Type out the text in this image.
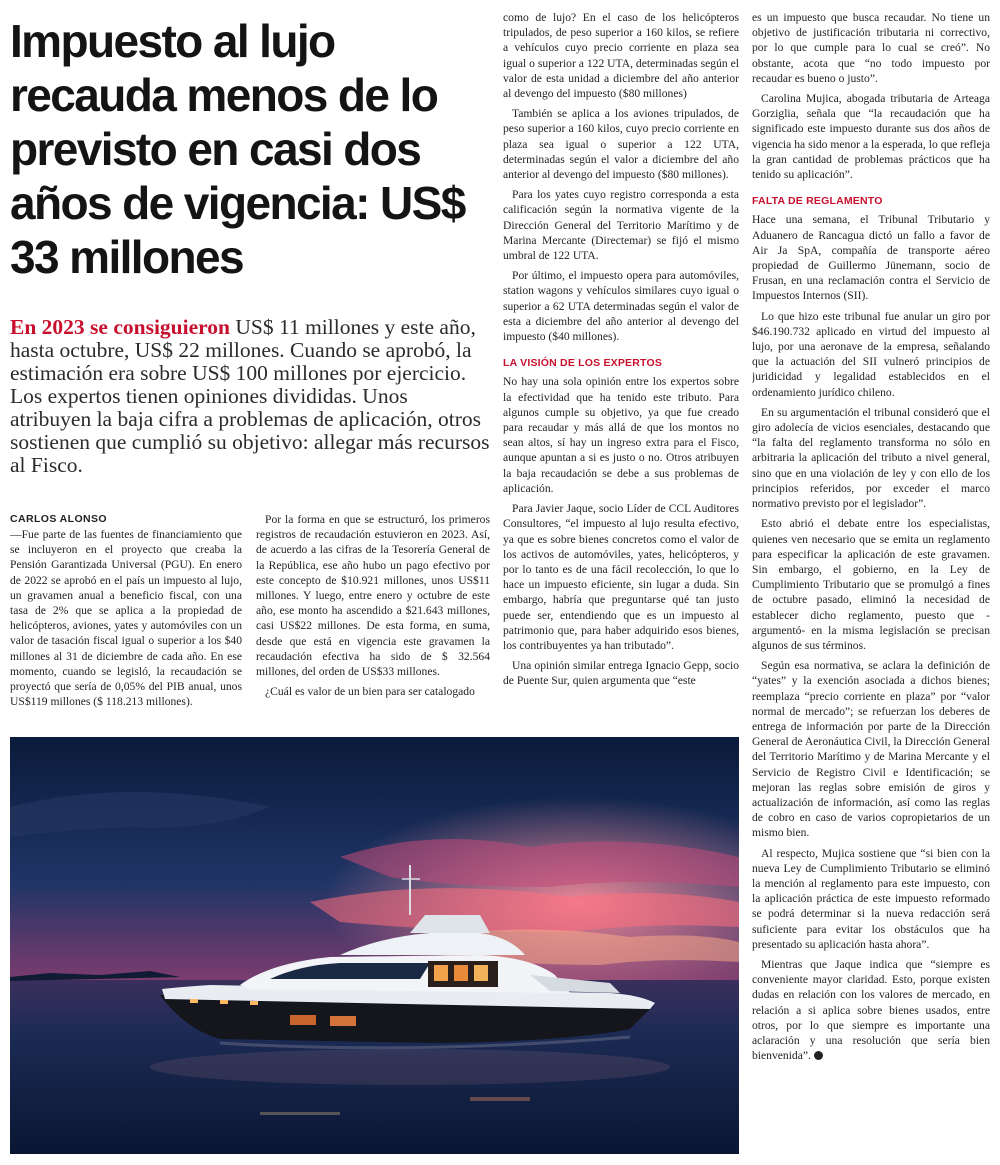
Impuesto al lujo recauda menos de lo previsto en casi dos años de vigencia: US$ 33 millones

En 2023 se consiguieron US$ 11 millones y este año, hasta octubre, US$ 22 millones. Cuando se aprobó, la estimación era sobre US$ 100 millones por ejercicio. Los expertos tienen opiniones divididas. Unos atribuyen la baja cifra a problemas de aplicación, otros sostienen que cumplió su objetivo: allegar más recursos al Fisco.

CARLOS ALONSO

—Fue parte de las fuentes de financiamiento que se incluyeron en el proyecto que creaba la Pensión Garantizada Universal (PGU). En enero de 2022 se aprobó en el país un impuesto al lujo, un gravamen anual a beneficio fiscal, con una tasa de 2% que se aplica a la propiedad de helicópteros, aviones, yates y automóviles con un valor de tasación fiscal igual o superior a los $40 millones al 31 de diciembre de cada año. En ese momento, cuando se legisló, la recaudación se proyectó que sería de 0,05% del PIB anual, unos US$119 millones ($ 118.213 millones).

Por la forma en que se estructuró, los primeros registros de recaudación estuvieron en 2023. Así, de acuerdo a las cifras de la Tesorería General de la República, ese año hubo un pago efectivo por este concepto de $10.921 millones, unos US$11 millones. Y luego, entre enero y octubre de este año, ese monto ha ascendido a $21.643 millones, casi US$22 millones. De esta forma, en suma, desde que está en vigencia este gravamen la recaudación efectiva ha sido de $ 32.564 millones, del orden de US$33 millones.

¿Cuál es valor de un bien para ser catalogado

como de lujo? En el caso de los helicópteros tripulados, de peso superior a 160 kilos, se refiere a vehículos cuyo precio corriente en plaza sea igual o superior a 122 UTA, determinadas según el valor de esta unidad a diciembre del año anterior al devengo del impuesto ($80 millones)

También se aplica a los aviones tripulados, de peso superior a 160 kilos, cuyo precio corriente en plaza sea igual o superior a 122 UTA, determinadas según el valor a diciembre del año anterior al devengo del impuesto ($80 millones).

Para los yates cuyo registro corresponda a esta calificación según la normativa vigente de la Dirección General del Territorio Marítimo y de Marina Mercante (Directemar) se fijó el mismo umbral de 122 UTA.

Por último, el impuesto opera para automóviles, station wagons y vehículos similares cuyo igual o superior a 62 UTA determinadas según el valor de esta a diciembre del año anterior al devengo del impuesto ($40 millones).

LA VISIÓN DE LOS EXPERTOS

No hay una sola opinión entre los expertos sobre la efectividad que ha tenido este tributo. Para algunos cumple su objetivo, ya que fue creado para recaudar y más allá de que los montos no sean altos, sí hay un ingreso extra para el Fisco, aunque apuntan a si es justo o no. Otros atribuyen la baja recaudación se debe a sus problemas de aplicación.

Para Javier Jaque, socio Líder de CCL Auditores Consultores, “el impuesto al lujo resulta efectivo, ya que es sobre bienes concretos como el valor de los activos de automóviles, yates, helicópteros, y por lo tanto es de una fácil recolección, lo que lo hace un impuesto eficiente, sin lugar a duda. Sin embargo, habría que preguntarse qué tan justo puede ser, entendiendo que es un impuesto al patrimonio que, para haber adquirido esos bienes, los contribuyentes ya han tributado”.

Una opinión similar entrega Ignacio Gepp, socio de Puente Sur, quien argumenta que “este

es un impuesto que busca recaudar. No tiene un objetivo de justificación tributaria ni correctivo, por lo que cumple para lo cual se creó”. No obstante, acota que “no todo impuesto por recaudar es bueno o justo”.

Carolina Mujica, abogada tributaria de Arteaga Gorziglia, señala que “la recaudación que ha significado este impuesto durante sus dos años de vigencia ha sido menor a la esperada, lo que refleja la gran cantidad de problemas prácticos que ha tenido su aplicación”.

FALTA DE REGLAMENTO

Hace una semana, el Tribunal Tributario y Aduanero de Rancagua dictó un fallo a favor de Air Ja SpA, compañía de transporte aéreo propiedad de Guillermo Jünemann, socio de Frusan, en una reclamación contra el Servicio de Impuestos Internos (SII).

Lo que hizo este tribunal fue anular un giro por $46.190.732 aplicado en virtud del impuesto al lujo, por una aeronave de la empresa, señalando que la actuación del SII vulneró principios de juridicidad y legalidad establecidos en el ordenamiento jurídico chileno.

En su argumentación el tribunal consideró que el giro adolecía de vicios esenciales, destacando que “la falta del reglamento transforma no sólo en arbitraria la aplicación del tributo a nivel general, sino que en una violación de ley y con ello de los principios referidos, por exceder el marco normativo previsto por el legislador”.

Esto abrió el debate entre los especialistas, quienes ven necesario que se emita un reglamento para especificar la aplicación de este gravamen. Sin embargo, el gobierno, en la Ley de Cumplimiento Tributario que se promulgó a fines de octubre pasado, eliminó la necesidad de establecer dicho reglamento, puesto que -argumentó- en la misma legislación se precisan algunos de sus términos.

Según esa normativa, se aclara la definición de “yates” y la exención asociada a dichos bienes; reemplaza “precio corriente en plaza” por “valor normal de mercado”; se refuerzan los deberes de entrega de información por parte de la Dirección General de Aeronáutica Civil, la Dirección General del Territorio Marítimo y de Marina Mercante y el Servicio de Registro Civil e Identificación; se mejoran las reglas sobre emisión de giros y actualización de información, así como las reglas de cobro en caso de varios copropietarios de un mismo bien.

Al respecto, Mujica sostiene que “si bien con la nueva Ley de Cumplimiento Tributario se eliminó la mención al reglamento para este impuesto, con la aplicación práctica de este impuesto reformado se podrá determinar si la nueva redacción será suficiente para evitar los obstáculos que ha presentado su aplicación hasta ahora”.

Mientras que Jaque indica que “siempre es conveniente mayor claridad. Esto, porque existen dudas en relación con los valores de mercado, en relación a si aplica sobre bienes usados, entre otros, por lo que siempre es importante una aclaración y una resolución que sería bien bienvenida”.
